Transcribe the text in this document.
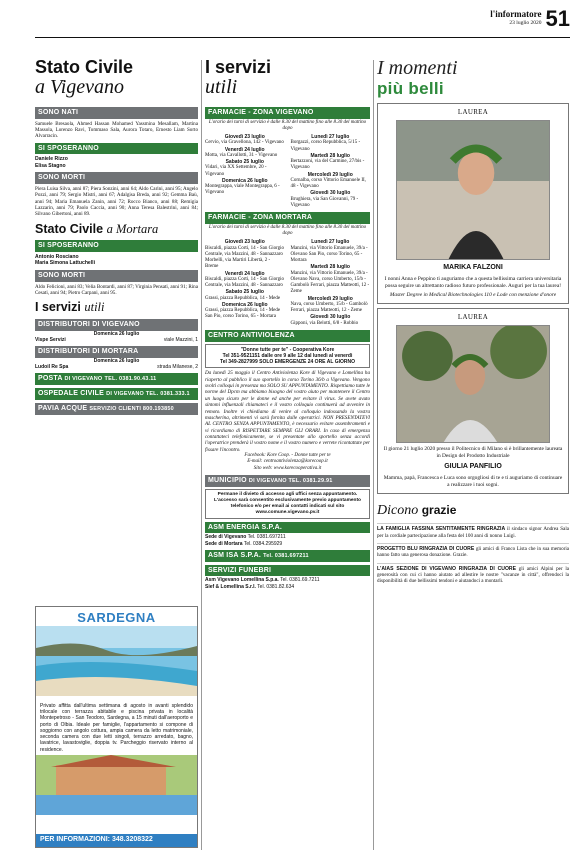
l'informatore
23 luglio 2020 51
Stato Civile
a Vigevano
SONO NATI
Samuele Bresaola, Ahmed Hassan Mohamed Yassmina Mesallam, Martina Massola, Lorenzo Ravi, Tommaso Sala, Aurora Totaro, Ernesto Liam Sorto Alvarracin.
SI SPOSERANNO
Daniele Rizzo
Elisa Stagno
SONO MORTI
Piera Luisa Silva, anni 87; Piera Sonzini, anni 64; Aldo Carini, anni 95; Angelo Pozzi, anni 79; Sergio Mistri, anni 67; Adalgisa Breda, anni 92; Gemma Baù, anni 94; Maria Emanuela Zanin, anni 72; Rocco Bianco, anni 88; Remigia Lazzarin, anni 79; Paolo Caccia, anni 90; Anna Teresa Balestrini, anni 84; Silvano Gibertoni, anni 89.
Stato Civile a Mortara
SI SPOSERANNO
Antonio Rosciano
Maria Simona Lattuchelli
SONO MORTI
Aldo Felicioni, anni 83; Velia Bontardi, anni 87; Virginia Pensati, anni 91; Rina Cesati, anni 94; Pietro Carpani, anni 95.
I servizi utili
DISTRIBUTORI DI VIGEVANO
Domenica 26 luglio
Vispe Servizi	viale Mazzini, 1
DISTRIBUTORI DI MORTARA
Domenica 26 luglio
Ludoil Re Spa	strada Milanese, 2
POSTA DI VIGEVANO TEL. 0381.90.43.11
OSPEDALE CIVILE DI VIGEVANO TEL. 0381.333.1
PAVIA ACQUE SERVIZIO CLIENTI 800.193850
SARDEGNA
Privato affitta dall'ultima settimana di agosto in avanti splendido trilocale con terrazza abitabile e piscina privata in località Montepetroso - San Teodoro, Sardegna, a 15 minuti dall'aeroporto e porto di Olbia. Ideale per famiglie, l'appartamento si compone di soggiorno con angolo cottura, ampia camera da letto matrimoniale, seconda camera con due letti singoli, terrazzo arredato, bagno, lavatrice, lavastoviglie, doppia tv. Parcheggio riservato interno al residence.
PER INFORMAZIONI: 348.3208322
I servizi
utili
FARMACIE - ZONA VIGEVANO
L'orario dei turni di servizio è dalle 8.30 del mattino fino alle 8.30 del mattino dopo
Giovedì 23 luglio
Cervio, via Gravellona, 142 - Vigevano
Venerdì 24 luglio
Motta, via Cavallotti, 31 - Vigevano
Sabato 25 luglio
Vidari, via XX Settembre, 20 - Vigevano
Domenica 26 luglio
Montegrappa, viale Montegrappa, 6 - Vigevano
Lunedì 27 luglio
Borgazzi, corso Repubblica, 5/15 - Vigevano
Martedì 28 luglio
Bertazzoni, via del Carmine, 27/bis - Vigevano
Mercoledì 29 luglio
Cornalba, corso Vittorio Emanuele II, 48 - Vigevano
Giovedì 30 luglio
Brughiera, via San Giovanni, 79 - Vigevano
FARMACIE - ZONA MORTARA
L'orario dei turni di servizio è dalle 8.30 del mattino fino alle 8.30 del mattino dopo
Giovedì 23 luglio
Biscaldi, piazza Corti, 14 - San Giorgio Centrale, via Mazzini, 48 - Sannazzaro
Morbelli, via Martiri Libertà, 2 - Breme
Venerdì 24 luglio
Biscaldi, piazza Corti, 14 - San Giorgio Centrale, via Mazzini, 48 - Sannazzaro
Sabato 25 luglio
Grassi, piazza Repubblica, 14 - Mede
Domenica 26 luglio
Grassi, piazza Repubblica, 14 - Mede San Pio, corso Torino, 65 - Mortara
Lunedì 27 luglio
Manzini, via Vittorio Emanuele, 39/a - Olevano San Pio, corso Torino, 65 - Mortara
Martedì 28 luglio
Manzini, via Vittorio Emanuele, 39/a - Olevano Nava, corso Umberto, 15/b - Gambolò Ferrari, piazza Matteotti, 12 - Zeme
Mercoledì 29 luglio
Nava, corso Umberto, 15/b - Gambolò Ferrari, piazza Matteotti, 12 - Zeme
Giovedì 30 luglio
Gipponi, via Belotti, 6/8 - Robbio
CENTRO ANTIVIOLENZA
"Donne tutte per te" - Cooperativa Kore
Tel 351-9521151 dalle ore 9 alle 12 dal lunedì al venerdì
Tel 349-2827999 SOLO EMERGENZE 24 ORE AL GIORNO
Da lunedì 25 maggio il Centro Antiviolenza Kore di Vigevano e Lomellina ha riaperto al pubblico il suo sportello in corso Torino 36/b a Vigevano. Vengono svolti colloqui in presenza ma SOLO SU APPUNTAMENTO. Rispettiamo tutte le norme del Dpcm ma abbiamo bisogno del vostro aiuto per mantenere il Centro un luogo sicuro per le donne ed anche per evitare il virus. Se avete avuto sintomi influenzali chiamateci e il vostro colloquio continuerà ad avvenire in remoto. Inoltre vi chiediamo di venire al colloquio indossando la vostra mascherina, altrimenti vi sarà fornita dalle operatrici. NON PRESENTATEVI AL CENTRO SENZA APPUNTAMENTO, è necessario evitare assembramenti e vi ricordiamo di RISPETTARE SEMPRE GLI ORARI. In caso di emergenza contattateci telefonicamente, se vi presentate allo sportello senza accordi l'operatrice prenderà il vostro nome e il vostro numero e verrete ricontattate per fissare l'incontro.
Facebook: Kore Coop. - Donne tutte per te
E-mail: centroantiviolenza@korecoop.it
Sito web: www.korecooperativa.it
MUNICIPIO DI VIGEVANO TEL. 0381.29.91
Permane il divieto di accesso agli uffici senza appuntamento.
L'accesso sarà consentito esclusivamente previo appuntamento telefonico e/o per email ai contatti indicati sul sito www.comune.vigevano.pv.it
ASM ENERGIA S.P.A.
Sede di Vigevano Tel. 0381.697211
Sede di Mortara Tel. 0384.295929
ASM ISA S.P.A. Tel. 0381.697211
SERVIZI FUNEBRI
Asm Vigevano Lomellina S.p.a. Tel. 0381.69.7211
Sief & Lomellina S.r.l. Tel. 0381.82.634
I momenti
più belli
LAUREA
MARIKA FALZONI
I nonni Anna e Peppino ti auguriamo che a questa bellissima carriera universitaria possa seguire un altrettanto radioso futuro professionale. Auguri per la tua laurea!
Master Degree in Medical Biotechnologies 110 e Lode con menzione d'onore
LAUREA
Il giorno 21 luglio 2020 presso il Politecnico di Milano si è brillantemente laureata in Design del Prodotto Industriale
GIULIA PANFILIO
Mamma, papà, Francesca e Luca sono orgogliosi di te e ti auguriamo di continuare a realizzare i tuoi sogni.
Dicono grazie
LA FAMIGLIA FASSINA SENTITAMENTE RINGRAZIA il sindaco signor Andrea Sala per la cordiale partecipazione alla festa del 100 anni di nonno Luigi.
PROGETTO BLU RINGRAZIA DI CUORE gli amici di Franco Lista che in sua memoria hanno fatto una generosa donazione. Grazie.
L'AIAS SEZIONE DI VIGEVANO RINGRAZIA DI CUORE gli amici Alpini per la generosità con cui ci hanno aiutato ad allestire le nostre "vacanze in città", offrendoci la disponibilità di due bellissimi tendoni e aiutandoci a montarli.
